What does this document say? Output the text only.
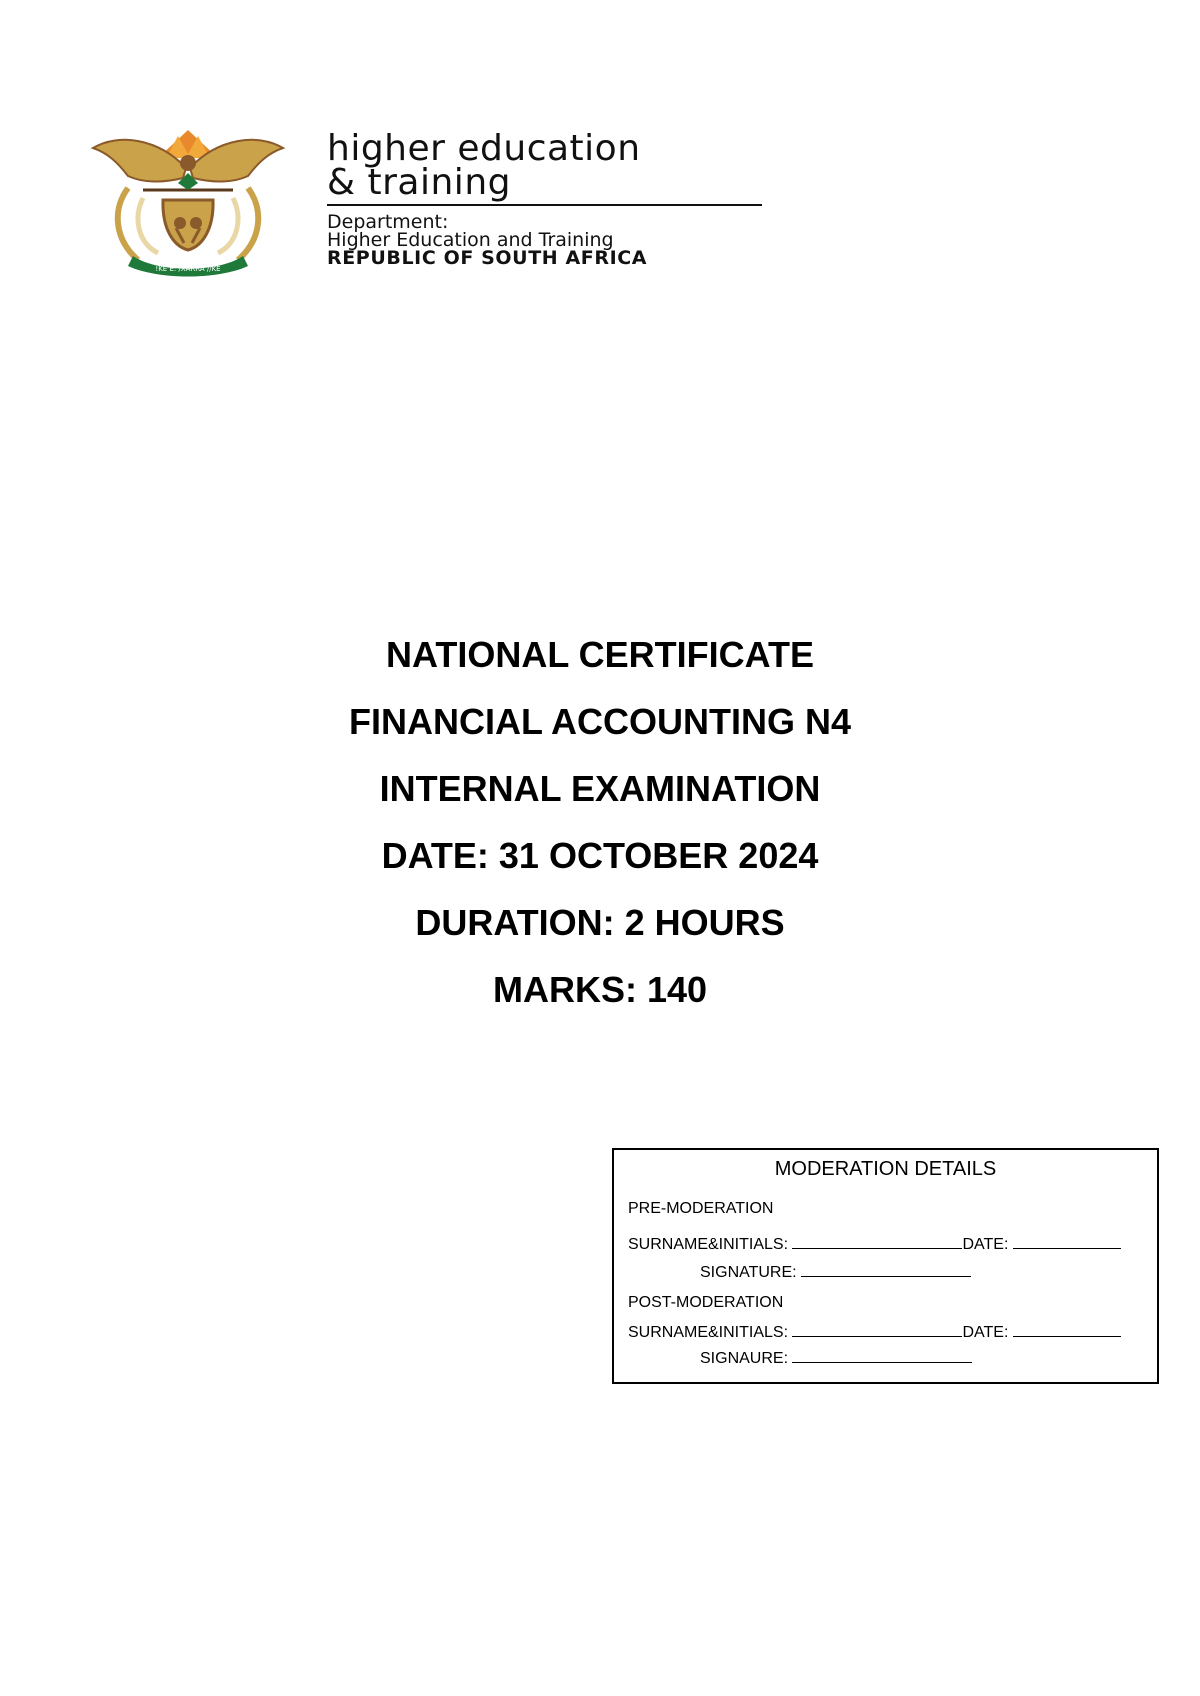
!KE E: /XARRA //KE
higher education
& training
Department:
Higher Education and Training
REPUBLIC OF SOUTH AFRICA
NATIONAL CERTIFICATE
FINANCIAL ACCOUNTING N4
INTERNAL EXAMINATION
DATE: 31 OCTOBER 2024
DURATION: 2 HOURS
MARKS: 140
MODERATION DETAILS
PRE-MODERATION
SURNAME&INITIALS:	DATE:
SIGNATURE:
POST-MODERATION
SURNAME&INITIALS:	DATE:
SIGNAURE:
